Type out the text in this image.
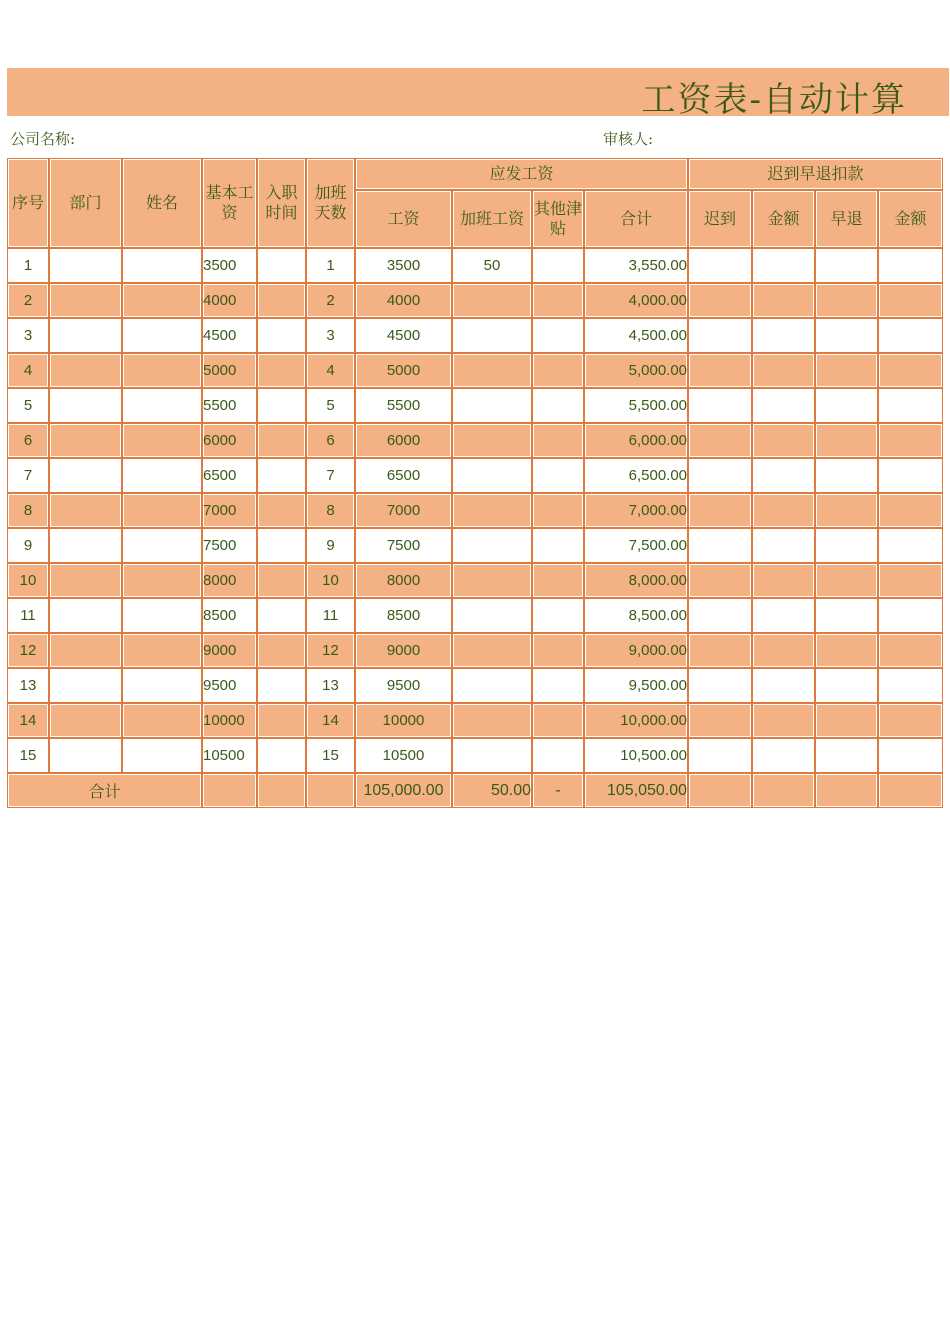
工资表-自动计算
公司名称:	审核人:
序号	部门	姓名	基本工资	入职时间	加班天数	应发工资				迟到早退扣款			
						工资	加班工资	其他津贴	合计	迟到	金额	早退	金额
1			3500		1	3500	50		3,550.00				
2			4000		2	4000			4,000.00				
3			4500		3	4500			4,500.00				
4			5000		4	5000			5,000.00				
5			5500		5	5500			5,500.00				
6			6000		6	6000			6,000.00				
7			6500		7	6500			6,500.00				
8			7000		8	7000			7,000.00				
9			7500		9	7500			7,500.00				
10			8000		10	8000			8,000.00				
11			8500		11	8500			8,500.00				
12			9000		12	9000			9,000.00				
13			9500		13	9500			9,500.00				
14			10000		14	10000			10,000.00				
15			10500		15	10500			10,500.00				
合计						105,000.00	50.00	-	105,050.00				
